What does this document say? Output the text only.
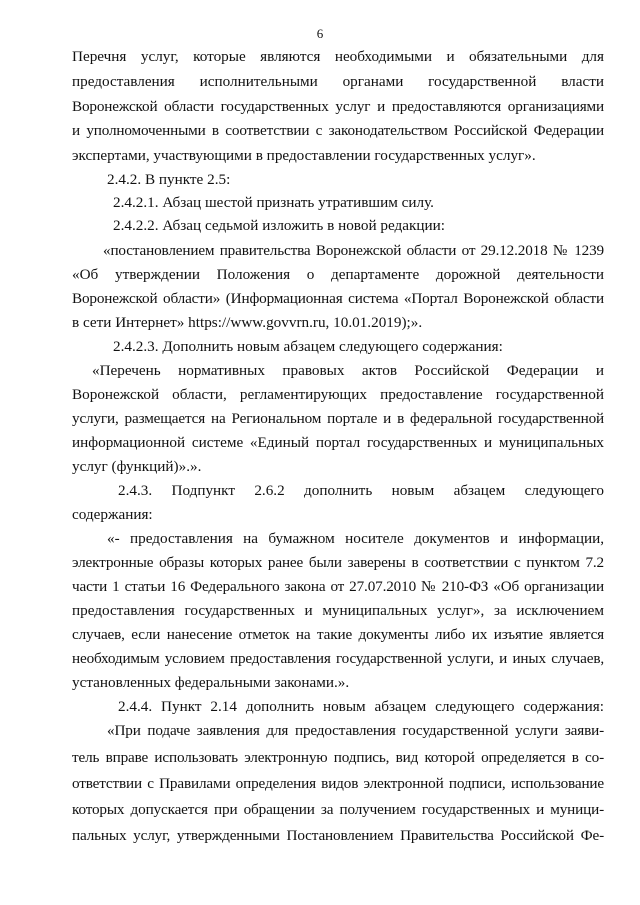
6
Перечня услуг, которые являются необходимыми и обязательными для
предоставления исполнительными органами государственной власти
Воронежской области государственных услуг и предоставляются организациями
и уполномоченными в соответствии с законодательством Российской Федерации
экспертами, участвующими в предоставлении государственных услуг».
2.4.2. В пункте 2.5:
2.4.2.1. Абзац шестой признать утратившим силу.
2.4.2.2. Абзац седьмой изложить в новой редакции:
«постановлением правительства Воронежской области от 29.12.2018 № 1239
«Об утверждении Положения о департаменте дорожной деятельности
Воронежской области» (Информационная система «Портал Воронежской области
в сети Интернет» https://www.govvrn.ru, 10.01.2019);».
2.4.2.3. Дополнить новым абзацем следующего содержания:
«Перечень нормативных правовых актов Российской Федерации и
Воронежской области, регламентирующих предоставление государственной
услуги, размещается на Региональном портале и в федеральной государственной
информационной системе «Единый портал государственных и муниципальных
услуг (функций)».».
2.4.3. Подпункт 2.6.2 дополнить новым абзацем следующего
содержания:
«- предоставления на бумажном носителе документов и информации,
электронные образы которых ранее были заверены в соответствии с пунктом 7.2
части 1 статьи 16 Федерального закона от 27.07.2010 № 210-ФЗ «Об организации
предоставления государственных и муниципальных услуг», за исключением
случаев, если нанесение отметок на такие документы либо их изъятие является
необходимым условием предоставления государственной услуги, и иных случаев,
установленных федеральными законами.».
2.4.4. Пункт 2.14 дополнить новым абзацем следующего содержания:
«При подаче заявления для предоставления государственной услуги заяви-
тель вправе использовать электронную подпись, вид которой определяется в со-
ответствии с Правилами определения видов электронной подписи, использование
которых допускается при обращении за получением государственных и муници-
пальных услуг, утвержденными Постановлением Правительства Российской Фе-
